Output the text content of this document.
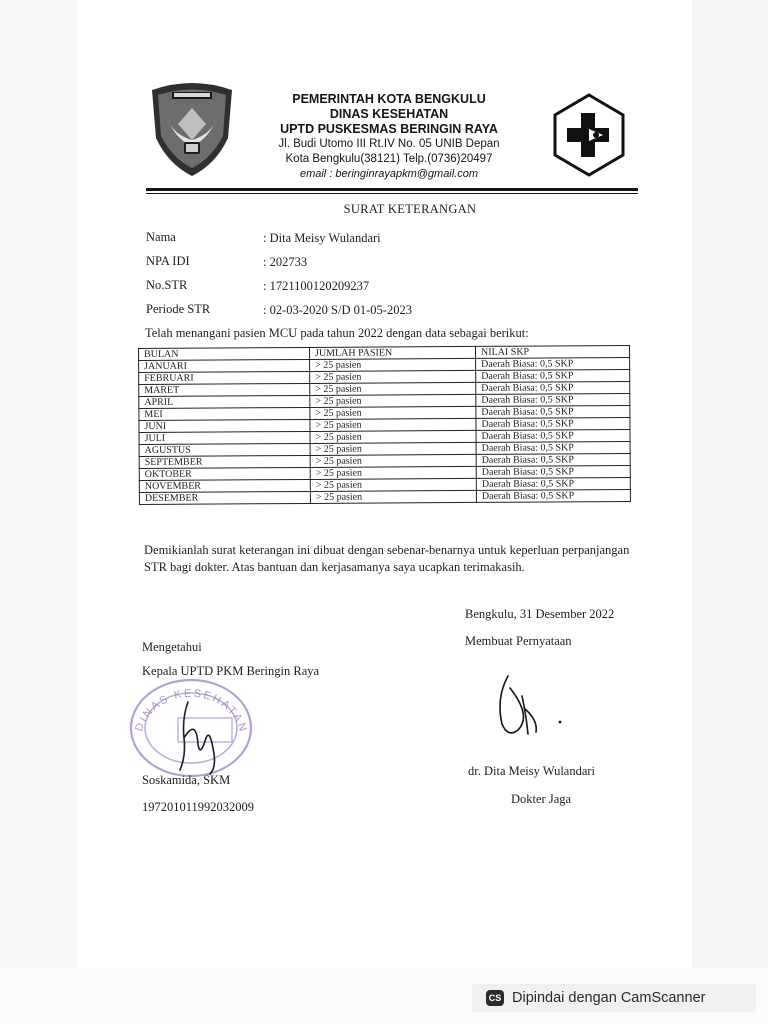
PEMERINTAH KOTA BENGKULU
DINAS KESEHATAN
UPTD PUSKESMAS BERINGIN RAYA
Jl. Budi Utomo III Rt.IV No. 05 UNIB Depan
Kota Bengkulu(38121) Telp.(0736)20497
email : beringinrayapkm@gmail.com
SURAT KETERANGAN
Nama	: Dita Meisy Wulandari
NPA IDI	: 202733
No.STR	: 1721100120209237
Periode STR	: 02-03-2020 S/D 01-05-2023
Telah menangani pasien MCU pada tahun 2022 dengan data sebagai berikut:
BULAN	JUMLAH PASIEN	NILAI SKP
JANUARI	> 25 pasien	Daerah Biasa: 0,5 SKP
FEBRUARI	> 25 pasien	Daerah Biasa: 0,5 SKP
MARET	> 25 pasien	Daerah Biasa: 0,5 SKP
APRIL	> 25 pasien	Daerah Biasa: 0,5 SKP
MEI	> 25 pasien	Daerah Biasa: 0,5 SKP
JUNI	> 25 pasien	Daerah Biasa: 0,5 SKP
JULI	> 25 pasien	Daerah Biasa: 0,5 SKP
AGUSTUS	> 25 pasien	Daerah Biasa: 0,5 SKP
SEPTEMBER	> 25 pasien	Daerah Biasa: 0,5 SKP
OKTOBER	> 25 pasien	Daerah Biasa: 0,5 SKP
NOVEMBER	> 25 pasien	Daerah Biasa: 0,5 SKP
DESEMBER	> 25 pasien	Daerah Biasa: 0,5 SKP
Demikianlah surat keterangan ini dibuat dengan sebenar-benarnya untuk keperluan perpanjangan STR bagi dokter. Atas bantuan dan kerjasamanya saya ucapkan terimakasih.
Bengkulu, 31 Desember 2022
Membuat Pernyataan
Mengetahui
Kepala UPTD PKM Beringin Raya
DINAS KESEHATAN
Soskamida, SKM
197201011992032009
dr. Dita Meisy Wulandari
Dokter Jaga
CS Dipindai dengan CamScanner
